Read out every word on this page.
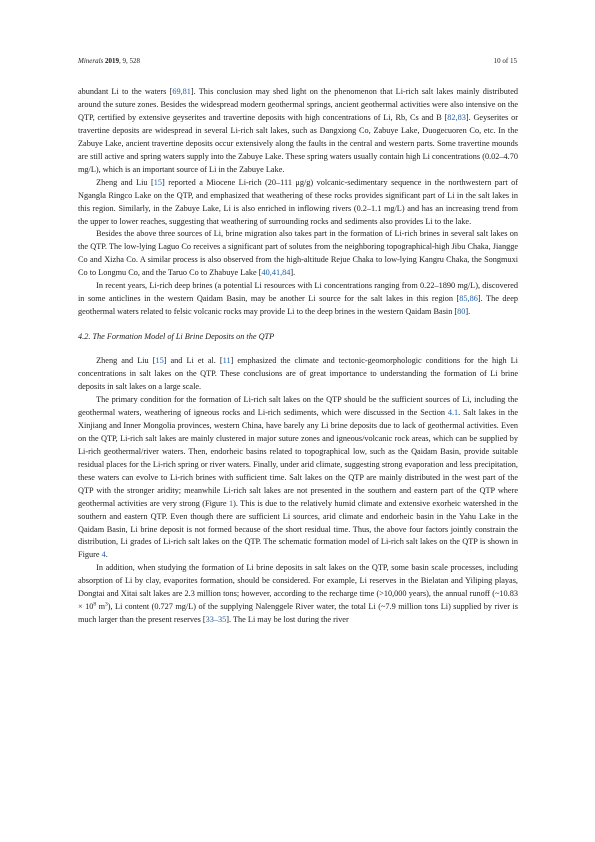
Minerals 2019, 9, 528	10 of 15

abundant Li to the waters [69,81]. This conclusion may shed light on the phenomenon that Li-rich salt lakes mainly distributed around the suture zones. Besides the widespread modern geothermal springs, ancient geothermal activities were also intensive on the QTP, certified by extensive geyserites and travertine deposits with high concentrations of Li, Rb, Cs and B [82,83]. Geyserites or travertine deposits are widespread in several Li-rich salt lakes, such as Dangxiong Co, Zabuye Lake, Duogecuoren Co, etc. In the Zabuye Lake, ancient travertine deposits occur extensively along the faults in the central and western parts. Some travertine mounds are still active and spring waters supply into the Zabuye Lake. These spring waters usually contain high Li concentrations (0.02–4.70 mg/L), which is an important source of Li in the Zabuye Lake.

Zheng and Liu [15] reported a Miocene Li-rich (20–111 μg/g) volcanic-sedimentary sequence in the northwestern part of Ngangla Ringco Lake on the QTP, and emphasized that weathering of these rocks provides significant part of Li in the salt lakes in this region. Similarly, in the Zabuye Lake, Li is also enriched in inflowing rivers (0.2–1.1 mg/L) and has an increasing trend from the upper to lower reaches, suggesting that weathering of surrounding rocks and sediments also provides Li to the lake.

Besides the above three sources of Li, brine migration also takes part in the formation of Li-rich brines in several salt lakes on the QTP. The low-lying Laguo Co receives a significant part of solutes from the neighboring topographical-high Jibu Chaka, Jiangge Co and Xizha Co. A similar process is also observed from the high-altitude Rejue Chaka to low-lying Kangru Chaka, the Songmuxi Co to Longmu Co, and the Taruo Co to Zhabuye Lake [40,41,84].

In recent years, Li-rich deep brines (a potential Li resources with Li concentrations ranging from 0.22–1890 mg/L), discovered in some anticlines in the western Qaidam Basin, may be another Li source for the salt lakes in this region [85,86]. The deep geothermal waters related to felsic volcanic rocks may provide Li to the deep brines in the western Qaidam Basin [80].

4.2. The Formation Model of Li Brine Deposits on the QTP

Zheng and Liu [15] and Li et al. [11] emphasized the climate and tectonic-geomorphologic conditions for the high Li concentrations in salt lakes on the QTP. These conclusions are of great importance to understanding the formation of Li brine deposits in salt lakes on a large scale.

The primary condition for the formation of Li-rich salt lakes on the QTP should be the sufficient sources of Li, including the geothermal waters, weathering of igneous rocks and Li-rich sediments, which were discussed in the Section 4.1. Salt lakes in the Xinjiang and Inner Mongolia provinces, western China, have barely any Li brine deposits due to lack of geothermal activities. Even on the QTP, Li-rich salt lakes are mainly clustered in major suture zones and igneous/volcanic rock areas, which can be supplied by Li-rich geothermal/river waters. Then, endorheic basins related to topographical low, such as the Qaidam Basin, provide suitable residual places for the Li-rich spring or river waters. Finally, under arid climate, suggesting strong evaporation and less precipitation, these waters can evolve to Li-rich brines with sufficient time. Salt lakes on the QTP are mainly distributed in the west part of the QTP with the stronger aridity; meanwhile Li-rich salt lakes are not presented in the southern and eastern part of the QTP where geothermal activities are very strong (Figure 1). This is due to the relatively humid climate and extensive exorheic watershed in the southern and eastern QTP. Even though there are sufficient Li sources, arid climate and endorheic basin in the Yahu Lake in the Qaidam Basin, Li brine deposit is not formed because of the short residual time. Thus, the above four factors jointly constrain the distribution, Li grades of Li-rich salt lakes on the QTP. The schematic formation model of Li-rich salt lakes on the QTP is shown in Figure 4.

In addition, when studying the formation of Li brine deposits in salt lakes on the QTP, some basin scale processes, including absorption of Li by clay, evaporites formation, should be considered. For example, Li reserves in the Bielatan and Yiliping playas, Dongtai and Xitai salt lakes are 2.3 million tons; however, according to the recharge time (>10,000 years), the annual runoff (~10.83 × $10^8$ $m^3$), Li content (0.727 mg/L) of the supplying Nalenggele River water, the total Li (~7.9 million tons Li) supplied by river is much larger than the present reserves [33–35]. The Li may be lost during the river
